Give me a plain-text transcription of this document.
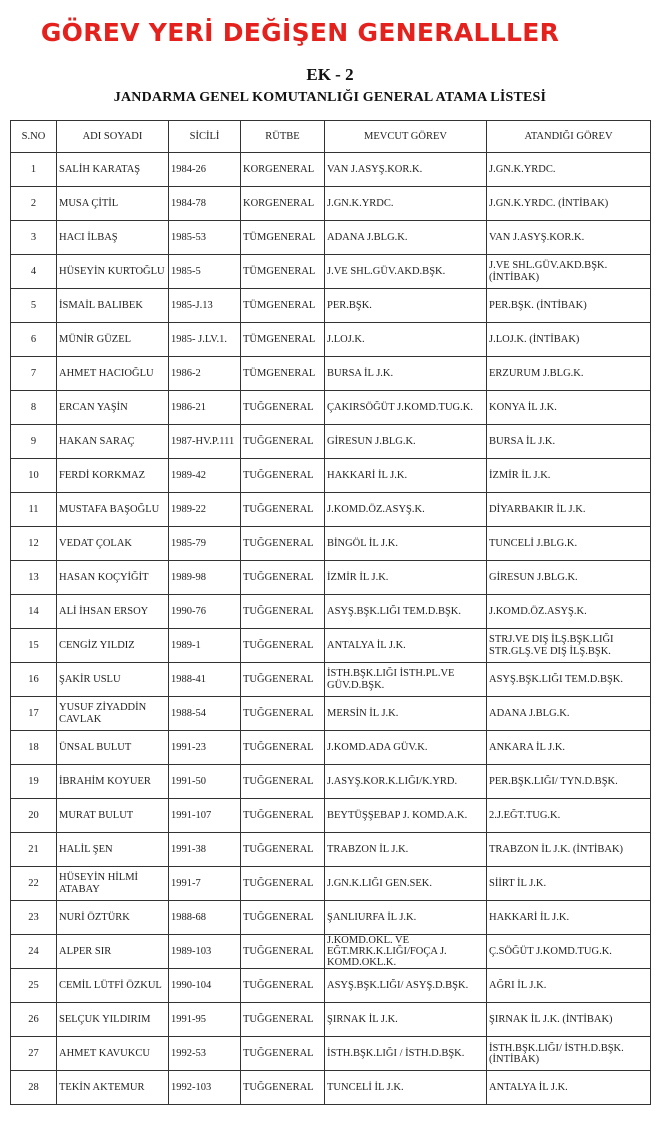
GÖREV YERİ DEĞİŞEN GENERALLLER
EK - 2
JANDARMA GENEL KOMUTANLIĞI GENERAL ATAMA LİSTESİ
S.NO	ADI SOYADI	SİCİLİ	RÜTBE	MEVCUT GÖREV	ATANDIĞI GÖREV
1	SALİH KARATAŞ	1984-26	KORGENERAL	VAN J.ASYŞ.KOR.K.	J.GN.K.YRDC.
2	MUSA ÇİTİL	1984-78	KORGENERAL	J.GN.K.YRDC.	J.GN.K.YRDC. (İNTİBAK)
3	HACI İLBAŞ	1985-53	TÜMGENERAL	ADANA J.BLG.K.	VAN J.ASYŞ.KOR.K.
4	HÜSEYİN KURTOĞLU	1985-5	TÜMGENERAL	J.VE SHL.GÜV.AKD.BŞK.	J.VE SHL.GÜV.AKD.BŞK. (İNTİBAK)
5	İSMAİL BALIBEK	1985-J.13	TÜMGENERAL	PER.BŞK.	PER.BŞK. (İNTİBAK)
6	MÜNİR GÜZEL	1985- J.LV.1.	TÜMGENERAL	J.LOJ.K.	J.LOJ.K. (İNTİBAK)
7	AHMET HACIOĞLU	1986-2	TÜMGENERAL	BURSA İL J.K.	ERZURUM J.BLG.K.
8	ERCAN YAŞİN	1986-21	TUĞGENERAL	ÇAKIRSÖĞÜT J.KOMD.TUG.K.	KONYA İL J.K.
9	HAKAN SARAÇ	1987-HV.P.111	TUĞGENERAL	GİRESUN J.BLG.K.	BURSA İL J.K.
10	FERDİ KORKMAZ	1989-42	TUĞGENERAL	HAKKARİ İL J.K.	İZMİR İL J.K.
11	MUSTAFA BAŞOĞLU	1989-22	TUĞGENERAL	J.KOMD.ÖZ.ASYŞ.K.	DİYARBAKIR İL J.K.
12	VEDAT ÇOLAK	1985-79	TUĞGENERAL	BİNGÖL İL J.K.	TUNCELİ J.BLG.K.
13	HASAN KOÇYİĞİT	1989-98	TUĞGENERAL	İZMİR İL J.K.	GİRESUN J.BLG.K.
14	ALİ İHSAN ERSOY	1990-76	TUĞGENERAL	ASYŞ.BŞK.LIĞI TEM.D.BŞK.	J.KOMD.ÖZ.ASYŞ.K.
15	CENGİZ YILDIZ	1989-1	TUĞGENERAL	ANTALYA İL J.K.	STRJ.VE DIŞ İLŞ.BŞK.LIĞI STR.GLŞ.VE DIŞ İLŞ.BŞK.
16	ŞAKİR USLU	1988-41	TUĞGENERAL	İSTH.BŞK.LIĞI İSTH.PL.VE GÜV.D.BŞK.	ASYŞ.BŞK.LIĞI TEM.D.BŞK.
17	YUSUF ZİYADDİN CAVLAK	1988-54	TUĞGENERAL	MERSİN İL J.K.	ADANA J.BLG.K.
18	ÜNSAL BULUT	1991-23	TUĞGENERAL	J.KOMD.ADA GÜV.K.	ANKARA İL J.K.
19	İBRAHİM KOYUER	1991-50	TUĞGENERAL	J.ASYŞ.KOR.K.LIĞI/K.YRD.	PER.BŞK.LIĞI/ TYN.D.BŞK.
20	MURAT BULUT	1991-107	TUĞGENERAL	BEYTÜŞŞEBAP J. KOMD.A.K.	2.J.EĞT.TUG.K.
21	HALİL ŞEN	1991-38	TUĞGENERAL	TRABZON İL J.K.	TRABZON İL J.K. (İNTİBAK)
22	HÜSEYİN HİLMİ ATABAY	1991-7	TUĞGENERAL	J.GN.K.LIĞI GEN.SEK.	SİİRT İL J.K.
23	NURİ ÖZTÜRK	1988-68	TUĞGENERAL	ŞANLIURFA İL J.K.	HAKKARİ İL J.K.
24	ALPER SIR	1989-103	TUĞGENERAL	J.KOMD.OKL. VE EĞT.MRK.K.LIĞI/FOÇA J. KOMD.OKL.K.	Ç.SÖĞÜT J.KOMD.TUG.K.
25	CEMİL LÜTFİ ÖZKUL	1990-104	TUĞGENERAL	ASYŞ.BŞK.LIĞI/ ASYŞ.D.BŞK.	AĞRI İL J.K.
26	SELÇUK YILDIRIM	1991-95	TUĞGENERAL	ŞIRNAK İL J.K.	ŞIRNAK İL J.K. (İNTİBAK)
27	AHMET KAVUKCU	1992-53	TUĞGENERAL	İSTH.BŞK.LIĞI / İSTH.D.BŞK.	İSTH.BŞK.LIĞI/ İSTH.D.BŞK. (İNTİBAK)
28	TEKİN AKTEMUR	1992-103	TUĞGENERAL	TUNCELİ İL J.K.	ANTALYA İL J.K.
